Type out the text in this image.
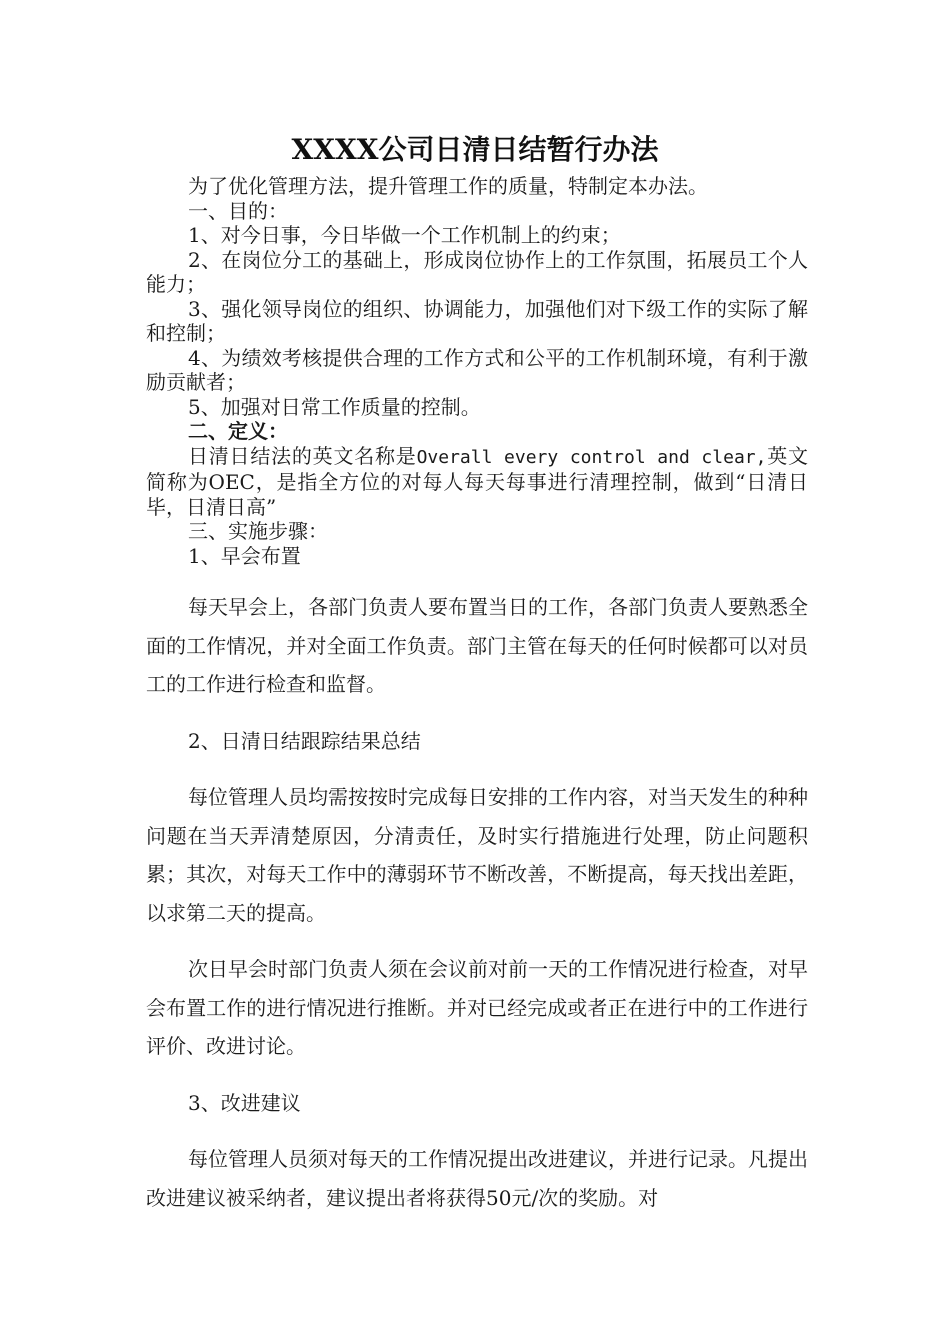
XXXX公司日清日结暂行办法

为了优化管理方法，提升管理工作的质量，特制定本办法。

一、目的：

1、对今日事，今日毕做一个工作机制上的约束；

2、在岗位分工的基础上，形成岗位协作上的工作氛围，拓展员工个人能力；

3、强化领导岗位的组织、协调能力，加强他们对下级工作的实际了解和控制；

4、为绩效考核提供合理的工作方式和公平的工作机制环境，有利于激励贡献者；

5、加强对日常工作质量的控制。

二、定义：

日清日结法的英文名称是Overall every control and clear,英文简称为OEC，是指全方位的对每人每天每事进行清理控制，做到“日清日毕，日清日高”

三、实施步骤：

1、早会布置

每天早会上，各部门负责人要布置当日的工作，各部门负责人要熟悉全面的工作情况，并对全面工作负责。部门主管在每天的任何时候都可以对员工的工作进行检查和监督。

2、日清日结跟踪结果总结

每位管理人员均需按按时完成每日安排的工作内容，对当天发生的种种问题在当天弄清楚原因，分清责任，及时实行措施进行处理，防止问题积累；其次，对每天工作中的薄弱环节不断改善，不断提高，每天找出差距，以求第二天的提高。

次日早会时部门负责人须在会议前对前一天的工作情况进行检查，对早会布置工作的进行情况进行推断。并对已经完成或者正在进行中的工作进行评价、改进讨论。

3、改进建议

每位管理人员须对每天的工作情况提出改进建议，并进行记录。凡提出改进建议被采纳者，建议提出者将获得50元/次的奖励。对
